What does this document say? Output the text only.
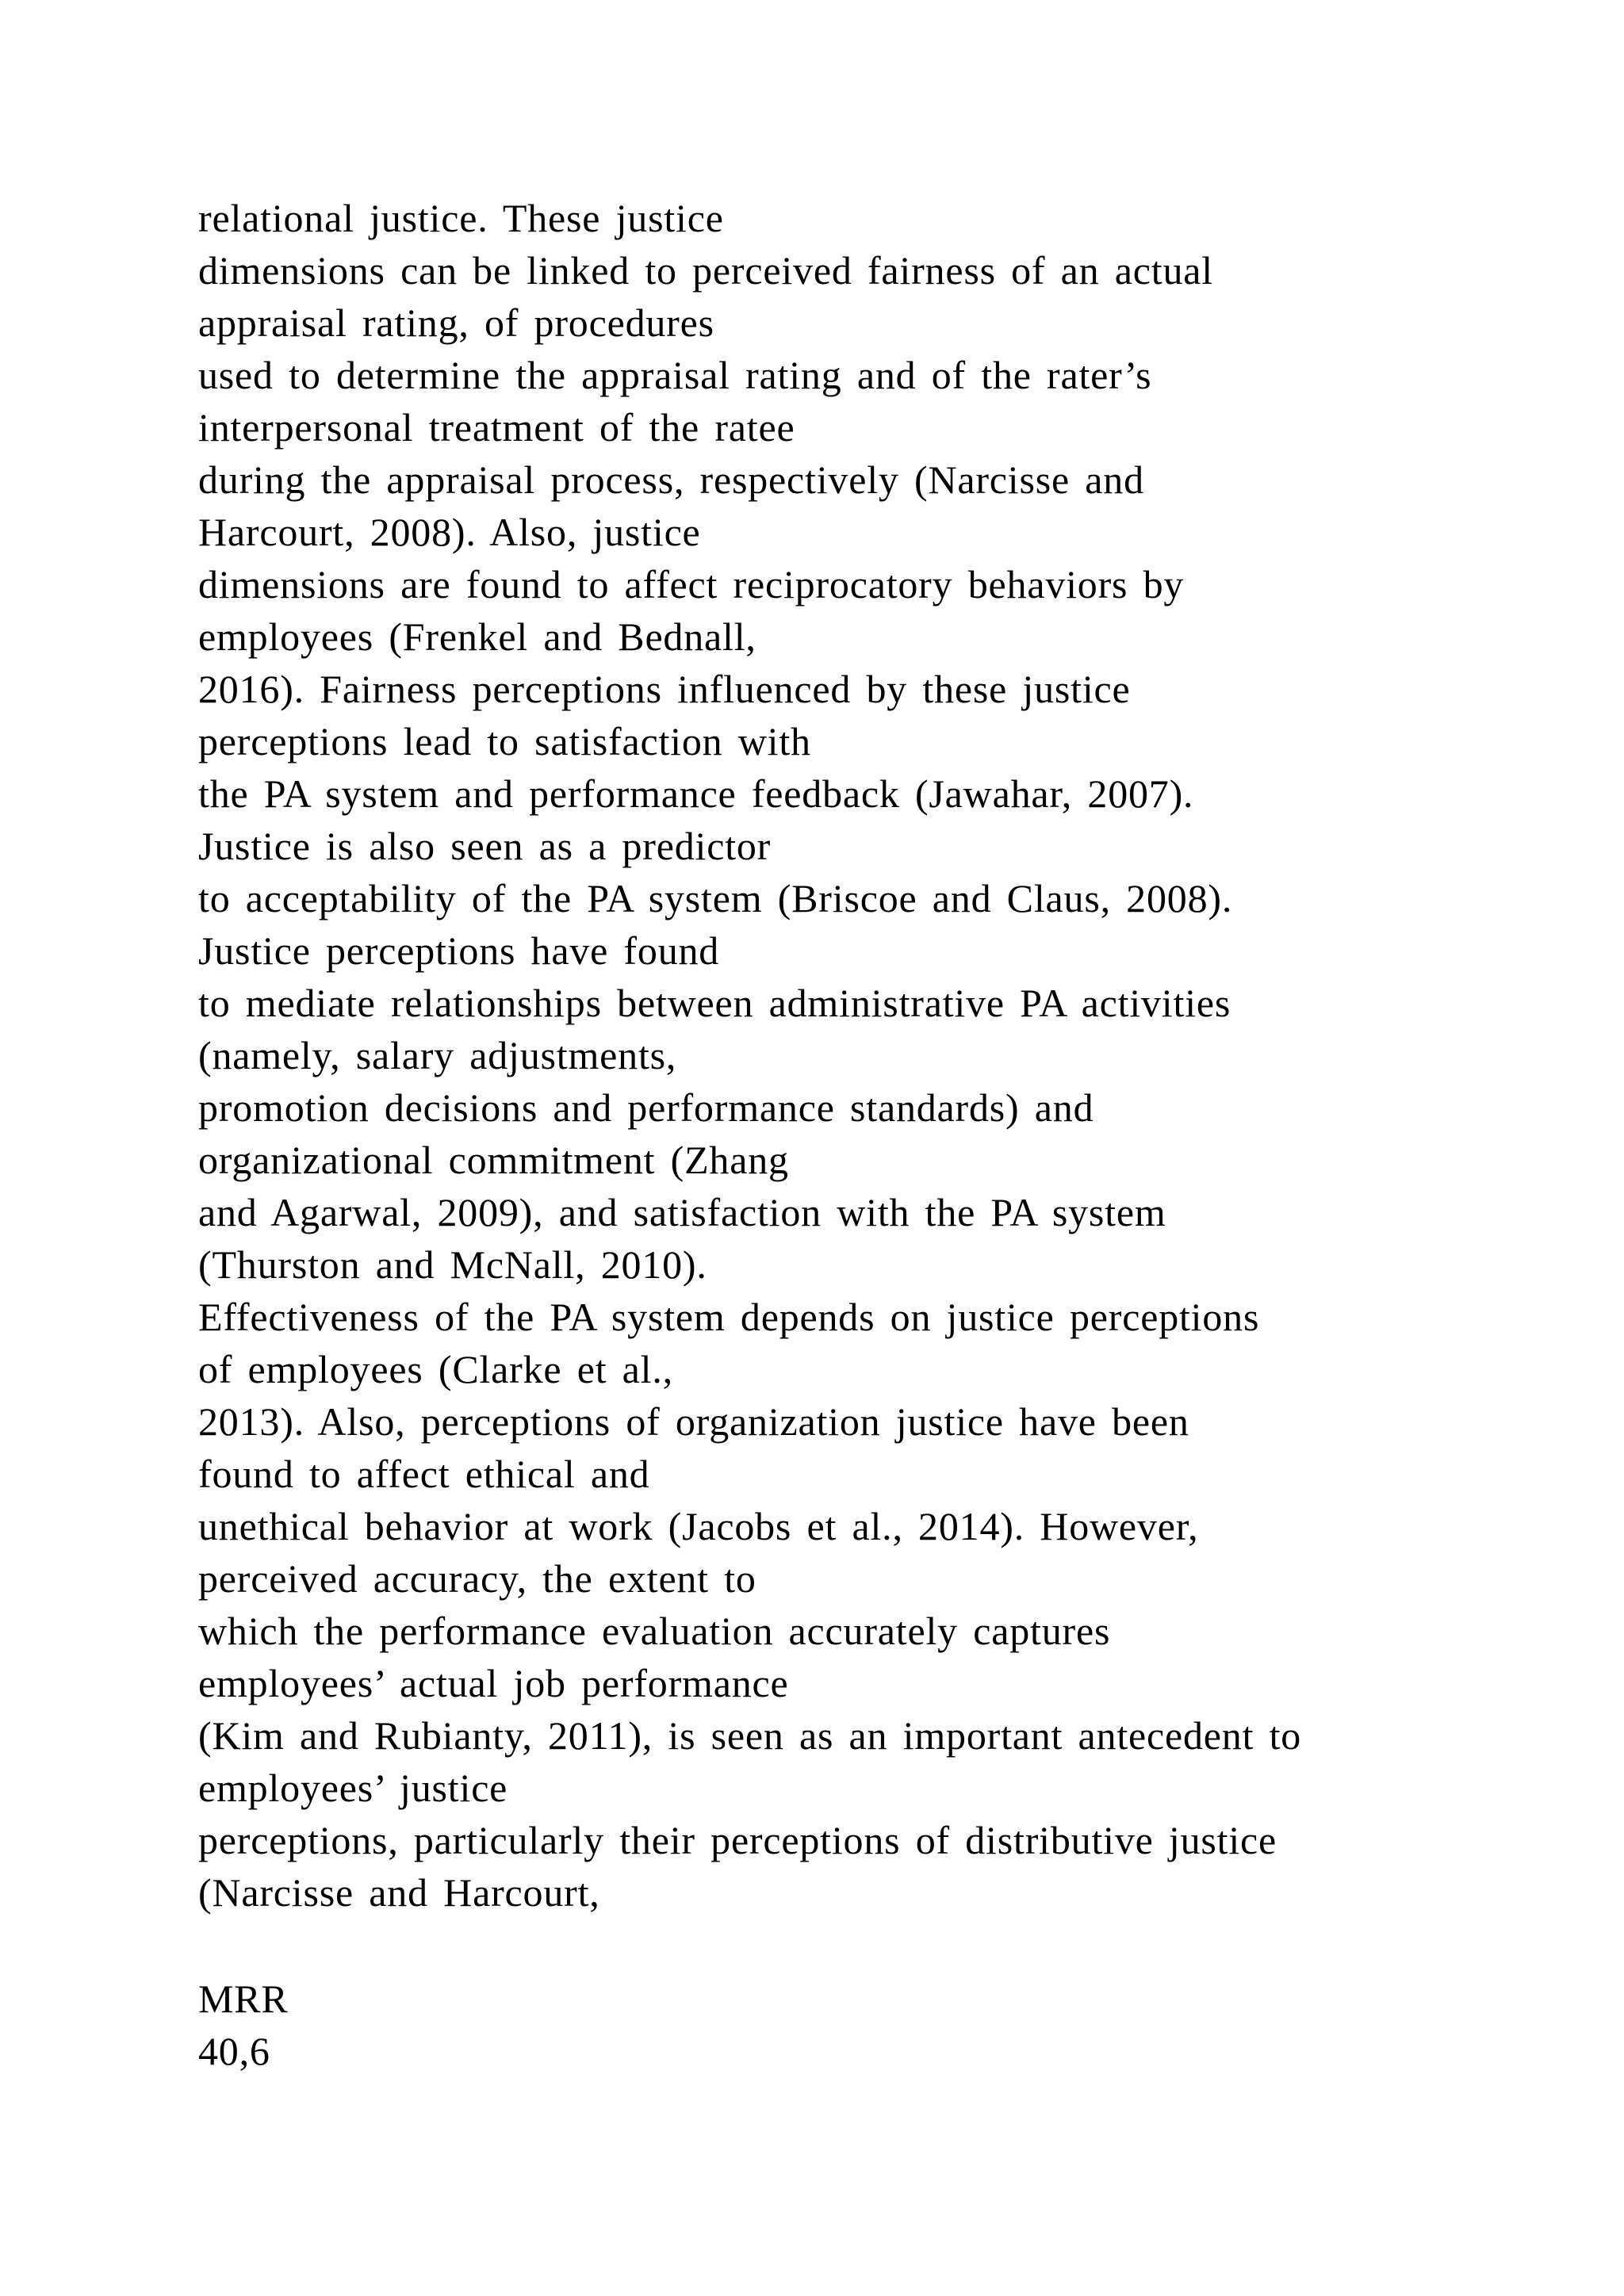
relational justice. These justice
dimensions can be linked to perceived fairness of an actual
appraisal rating, of procedures
used to determine the appraisal rating and of the rater’s
interpersonal treatment of the ratee
during the appraisal process, respectively (Narcisse and
Harcourt, 2008). Also, justice
dimensions are found to affect reciprocatory behaviors by
employees (Frenkel and Bednall,
2016). Fairness perceptions influenced by these justice
perceptions lead to satisfaction with
the PA system and performance feedback (Jawahar, 2007).
Justice is also seen as a predictor
to acceptability of the PA system (Briscoe and Claus, 2008).
Justice perceptions have found
to mediate relationships between administrative PA activities
(namely, salary adjustments,
promotion decisions and performance standards) and
organizational commitment (Zhang
and Agarwal, 2009), and satisfaction with the PA system
(Thurston and McNall, 2010).
Effectiveness of the PA system depends on justice perceptions
of employees (Clarke et al.,
2013). Also, perceptions of organization justice have been
found to affect ethical and
unethical behavior at work (Jacobs et al., 2014). However,
perceived accuracy, the extent to
which the performance evaluation accurately captures
employees’ actual job performance
(Kim and Rubianty, 2011), is seen as an important antecedent to
employees’ justice
perceptions, particularly their perceptions of distributive justice
(Narcisse and Harcourt,
MRR
40,6
